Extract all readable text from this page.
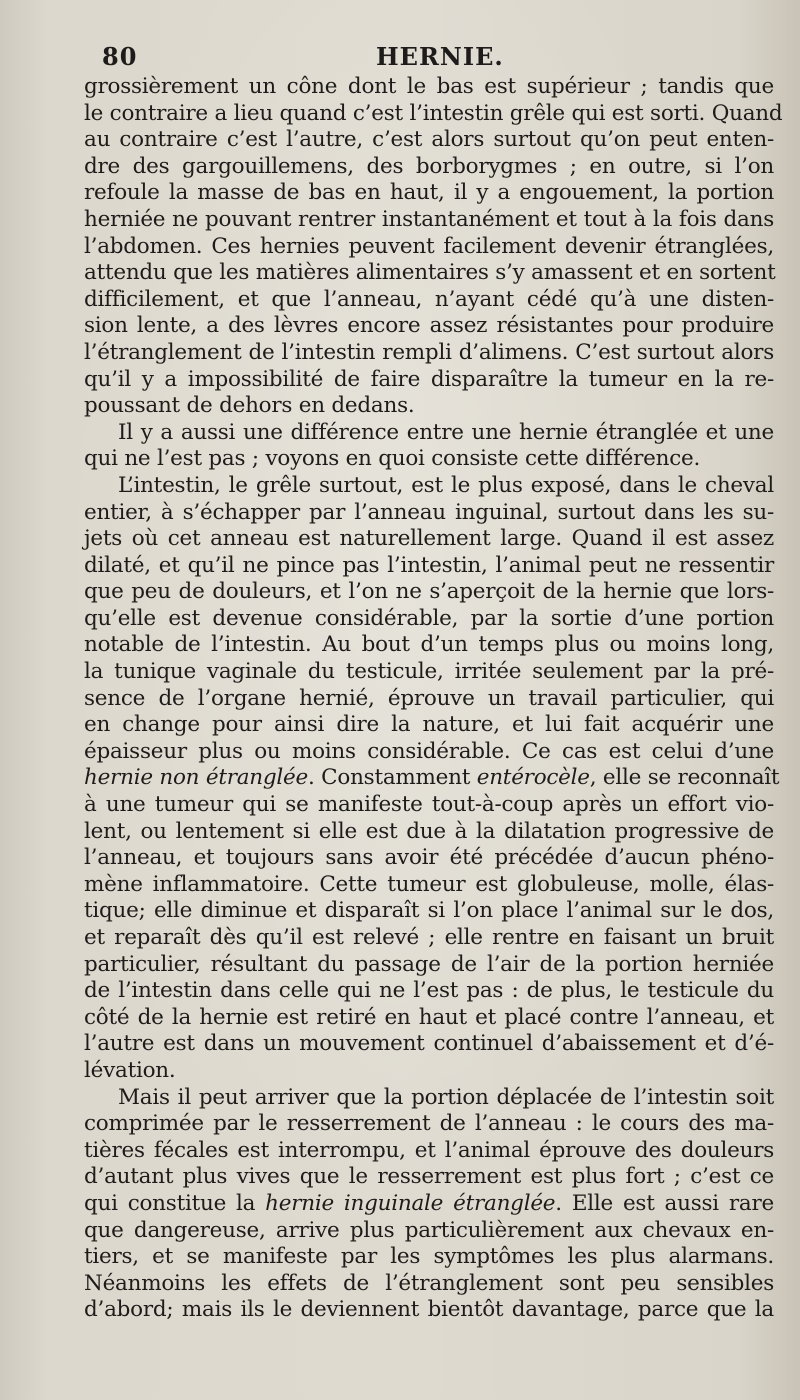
80	HERNIE.
grossièrement un cône dont le bas est supérieur ; tandis que
le contraire a lieu quand c’est l’intestin grêle qui est sorti. Quand
au contraire c’est l’autre, c’est alors surtout qu’on peut enten-
dre des gargouillemens, des borborygmes ; en outre, si l’on
refoule la masse de bas en haut, il y a engouement, la portion
herniée ne pouvant rentrer instantanément et tout à la fois dans
l’abdomen. Ces hernies peuvent facilement devenir étranglées,
attendu que les matières alimentaires s’y amassent et en sortent
difficilement, et que l’anneau, n’ayant cédé qu’à une disten-
sion lente, a des lèvres encore assez résistantes pour produire
l’étranglement de l’intestin rempli d’alimens. C’est surtout alors
qu’il y a impossibilité de faire disparaître la tumeur en la re-
poussant de dehors en dedans.
Il y a aussi une différence entre une hernie étranglée et une
qui ne l’est pas ; voyons en quoi consiste cette différence.
L’intestin, le grêle surtout, est le plus exposé, dans le cheval
entier, à s’échapper par l’anneau inguinal, surtout dans les su-
jets où cet anneau est naturellement large. Quand il est assez
dilaté, et qu’il ne pince pas l’intestin, l’animal peut ne ressentir
que peu de douleurs, et l’on ne s’aperçoit de la hernie que lors-
qu’elle est devenue considérable, par la sortie d’une portion
notable de l’intestin. Au bout d’un temps plus ou moins long,
la tunique vaginale du testicule, irritée seulement par la pré-
sence de l’organe hernié, éprouve un travail particulier, qui
en change pour ainsi dire la nature, et lui fait acquérir une
épaisseur plus ou moins considérable. Ce cas est celui d’une
hernie non étranglée. Constamment entérocèle, elle se reconnaît
à une tumeur qui se manifeste tout-à-coup après un effort vio-
lent, ou lentement si elle est due à la dilatation progressive de
l’anneau, et toujours sans avoir été précédée d’aucun phéno-
mène inflammatoire. Cette tumeur est globuleuse, molle, élas-
tique; elle diminue et disparaît si l’on place l’animal sur le dos,
et reparaît dès qu’il est relevé ; elle rentre en faisant un bruit
particulier, résultant du passage de l’air de la portion herniée
de l’intestin dans celle qui ne l’est pas : de plus, le testicule du
côté de la hernie est retiré en haut et placé contre l’anneau, et
l’autre est dans un mouvement continuel d’abaissement et d’é-
lévation.
Mais il peut arriver que la portion déplacée de l’intestin soit
comprimée par le resserrement de l’anneau : le cours des ma-
tières fécales est interrompu, et l’animal éprouve des douleurs
d’autant plus vives que le resserrement est plus fort ; c’est ce
qui constitue la hernie inguinale étranglée. Elle est aussi rare
que dangereuse, arrive plus particulièrement aux chevaux en-
tiers, et se manifeste par les symptômes les plus alarmans.
Néanmoins les effets de l’étranglement sont peu sensibles
d’abord; mais ils le deviennent bientôt davantage, parce que la
